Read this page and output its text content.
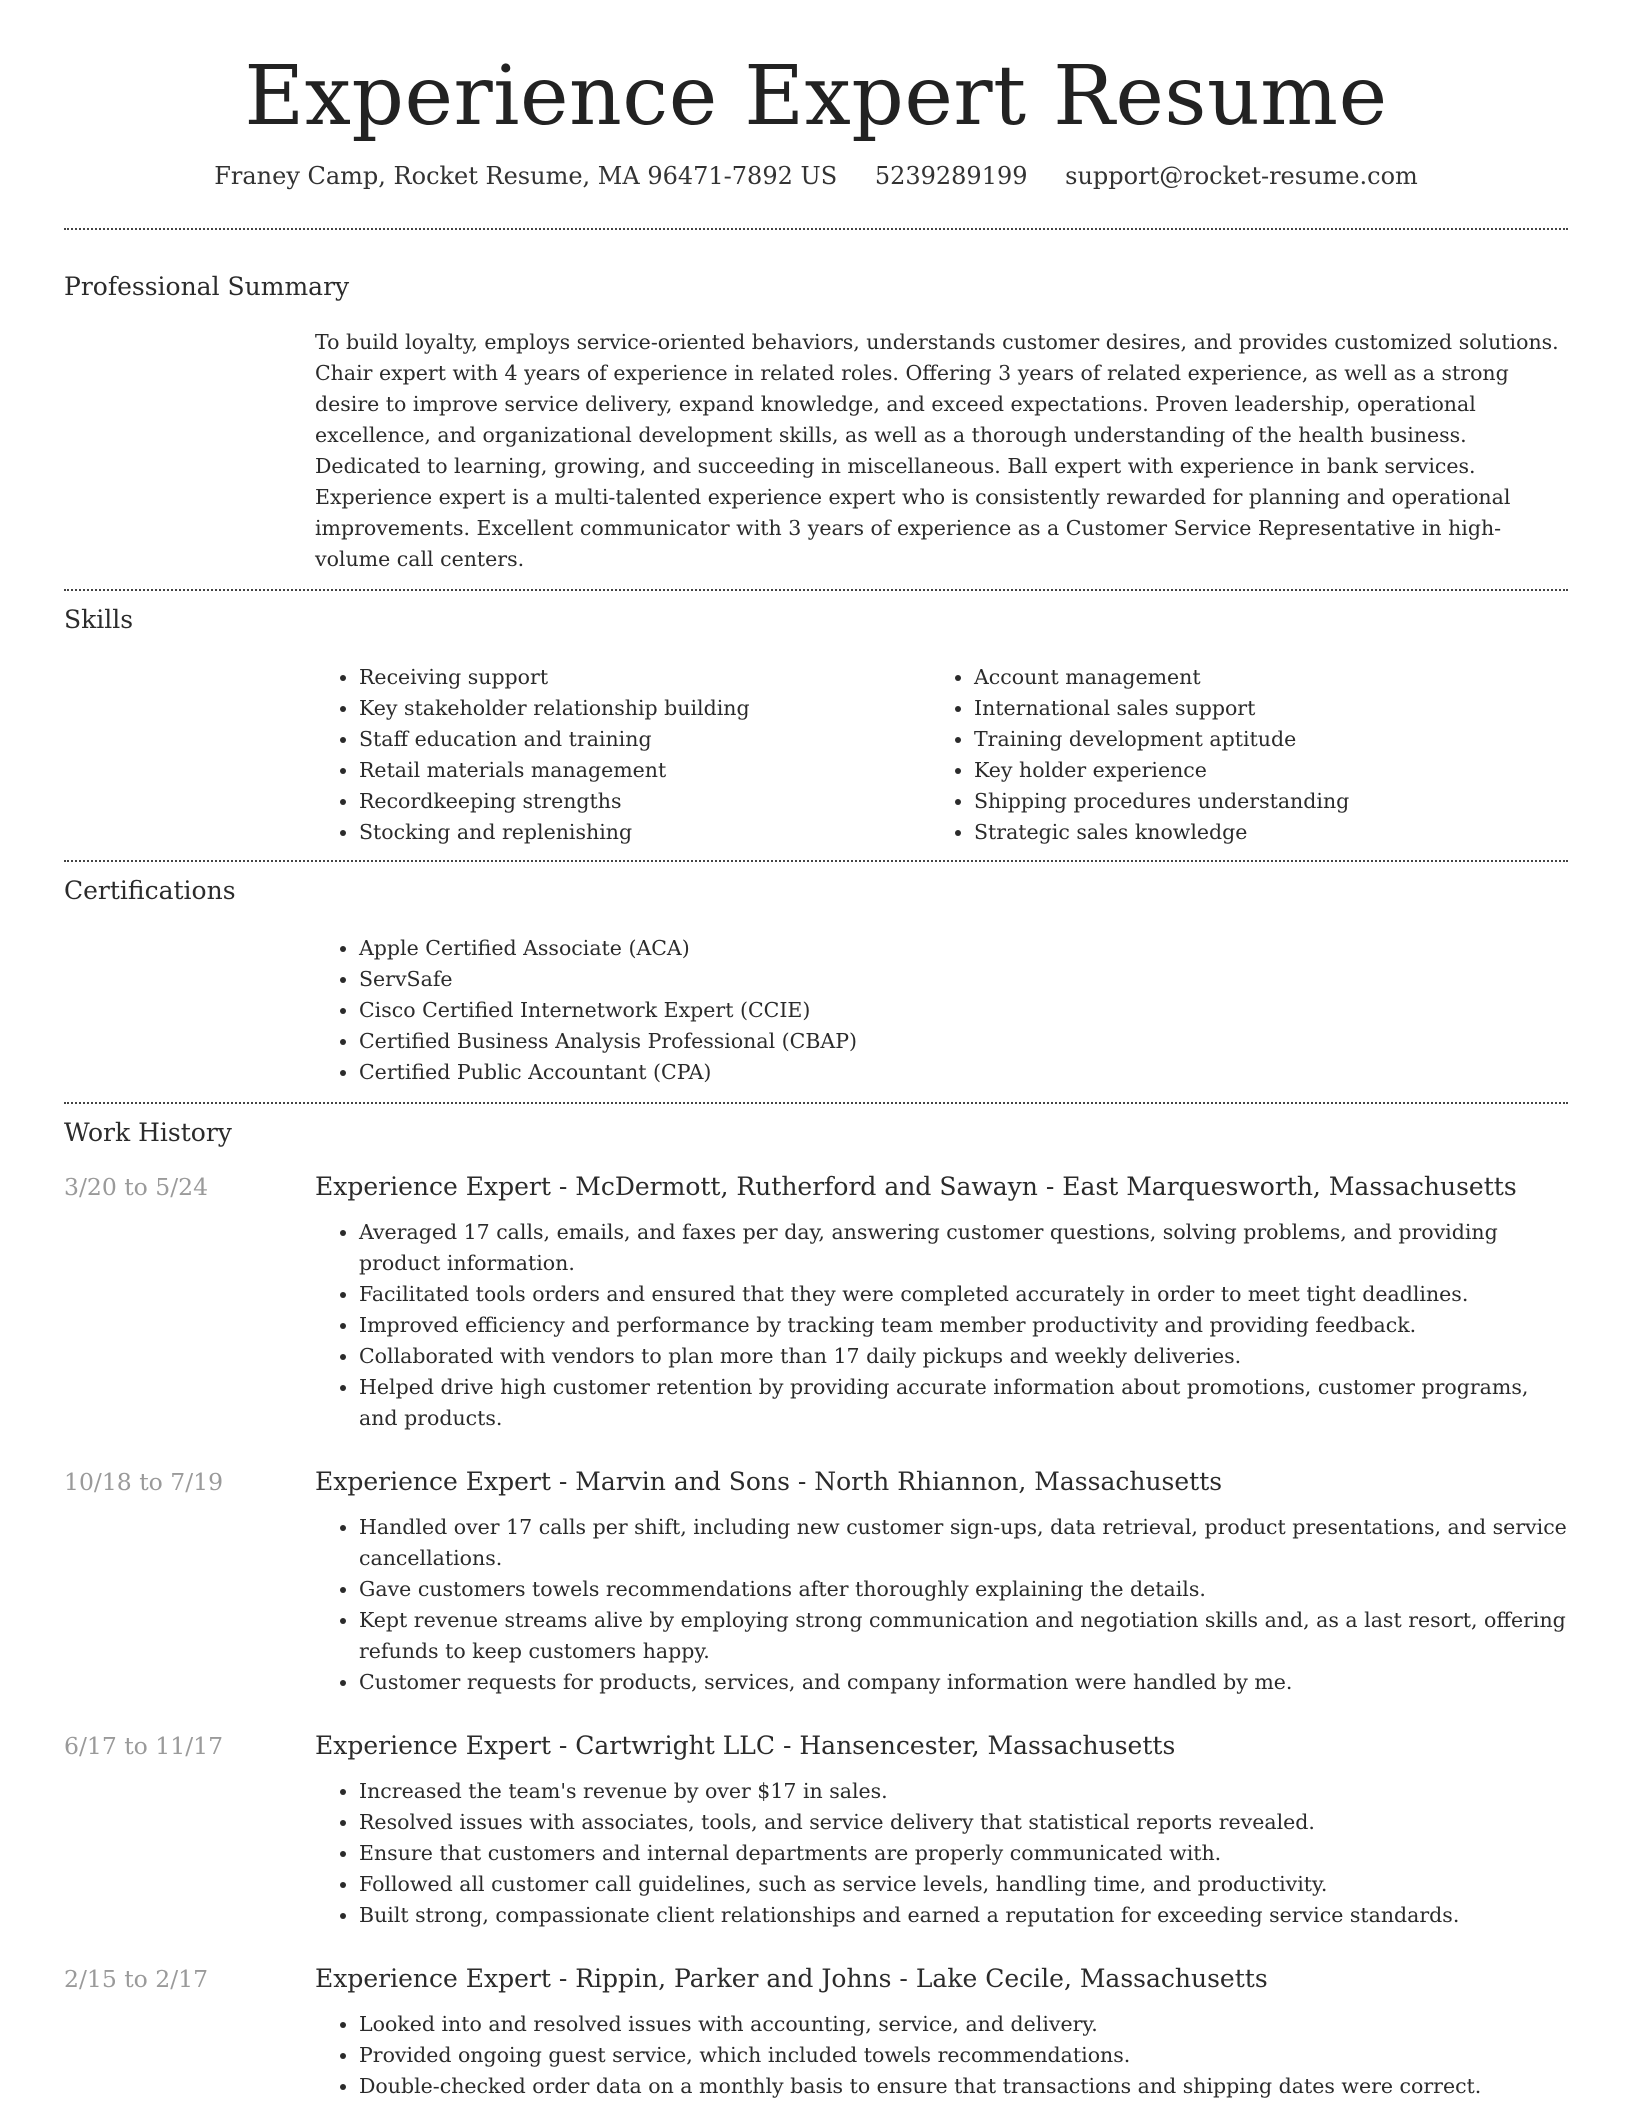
Experience Expert Resume
Franey Camp, Rocket Resume, MA 96471-7892 US 5239289199 support@rocket-resume.com
Professional Summary
To build loyalty, employs service-oriented behaviors, understands customer desires, and provides customized solutions. Chair expert with 4 years of experience in related roles. Offering 3 years of related experience, as well as a strong desire to improve service delivery, expand knowledge, and exceed expectations. Proven leadership, operational excellence, and organizational development skills, as well as a thorough understanding of the health business. Dedicated to learning, growing, and succeeding in miscellaneous. Ball expert with experience in bank services. Experience expert is a multi-talented experience expert who is consistently rewarded for planning and operational improvements. Excellent communicator with 3 years of experience as a Customer Service Representative in high-volume call centers.
Skills
• Receiving support
• Key stakeholder relationship building
• Staff education and training
• Retail materials management
• Recordkeeping strengths
• Stocking and replenishing
• Account management
• International sales support
• Training development aptitude
• Key holder experience
• Shipping procedures understanding
• Strategic sales knowledge
Certifications
• Apple Certified Associate (ACA)
• ServSafe
• Cisco Certified Internetwork Expert (CCIE)
• Certified Business Analysis Professional (CBAP)
• Certified Public Accountant (CPA)
Work History
3/20 to 5/24	Experience Expert - McDermott, Rutherford and Sawayn - East Marquesworth, Massachusetts
• Averaged 17 calls, emails, and faxes per day, answering customer questions, solving problems, and providing product information.
• Facilitated tools orders and ensured that they were completed accurately in order to meet tight deadlines.
• Improved efficiency and performance by tracking team member productivity and providing feedback.
• Collaborated with vendors to plan more than 17 daily pickups and weekly deliveries.
• Helped drive high customer retention by providing accurate information about promotions, customer programs, and products.
10/18 to 7/19	Experience Expert - Marvin and Sons - North Rhiannon, Massachusetts
• Handled over 17 calls per shift, including new customer sign-ups, data retrieval, product presentations, and service cancellations.
• Gave customers towels recommendations after thoroughly explaining the details.
• Kept revenue streams alive by employing strong communication and negotiation skills and, as a last resort, offering refunds to keep customers happy.
• Customer requests for products, services, and company information were handled by me.
6/17 to 11/17	Experience Expert - Cartwright LLC - Hansencester, Massachusetts
• Increased the team's revenue by over $17 in sales.
• Resolved issues with associates, tools, and service delivery that statistical reports revealed.
• Ensure that customers and internal departments are properly communicated with.
• Followed all customer call guidelines, such as service levels, handling time, and productivity.
• Built strong, compassionate client relationships and earned a reputation for exceeding service standards.
2/15 to 2/17	Experience Expert - Rippin, Parker and Johns - Lake Cecile, Massachusetts
• Looked into and resolved issues with accounting, service, and delivery.
• Provided ongoing guest service, which included towels recommendations.
• Double-checked order data on a monthly basis to ensure that transactions and shipping dates were correct.
